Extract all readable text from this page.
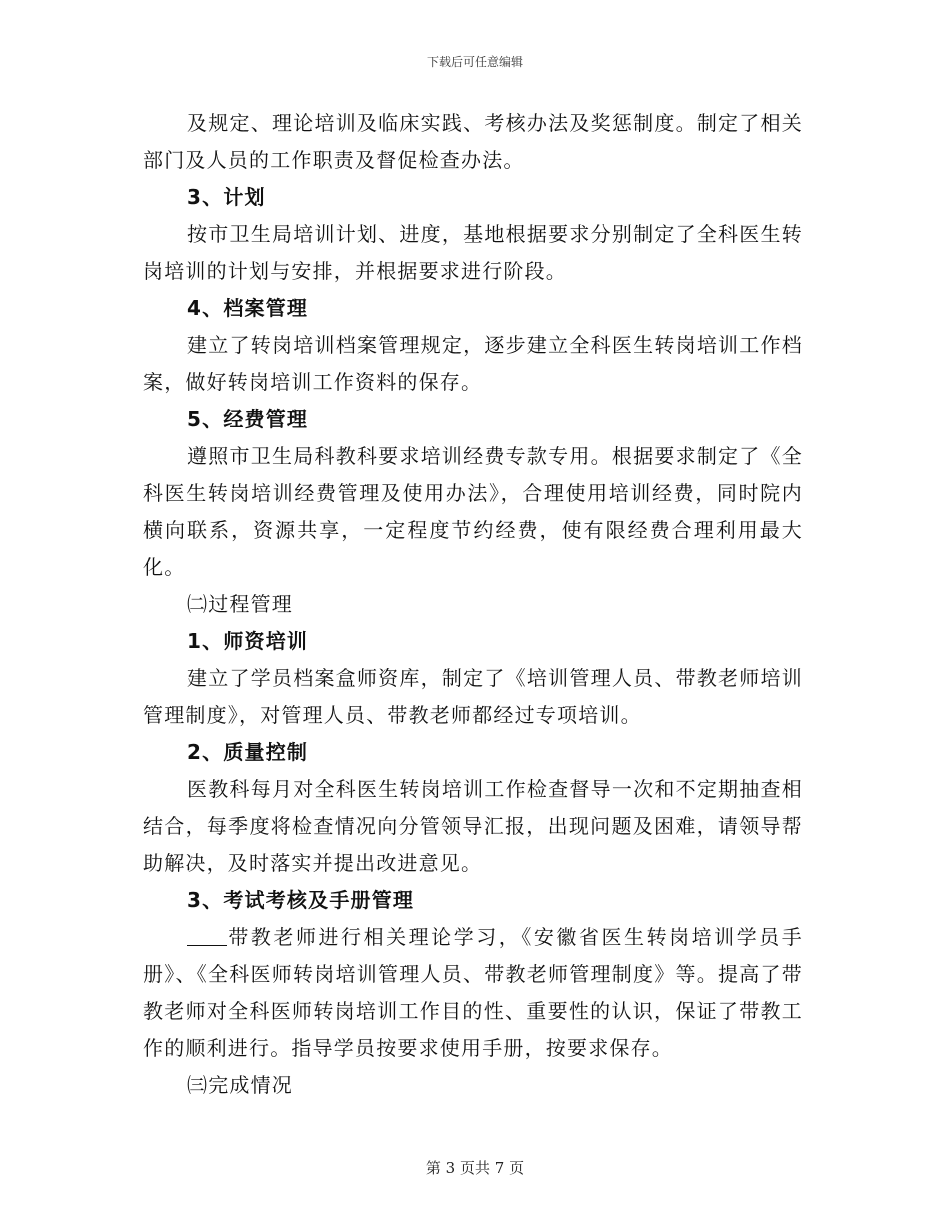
下载后可任意编辑

及规定、理论培训及临床实践、考核办法及奖惩制度。制定了相关部门及人员的工作职责及督促检查办法。

3、计划

按市卫生局培训计划、进度，基地根据要求分别制定了全科医生转岗培训的计划与安排，并根据要求进行阶段。

4、档案管理

建立了转岗培训档案管理规定，逐步建立全科医生转岗培训工作档案，做好转岗培训工作资料的保存。

5、经费管理

遵照市卫生局科教科要求培训经费专款专用。根据要求制定了《全科医生转岗培训经费管理及使用办法》，合理使用培训经费，同时院内横向联系，资源共享，一定程度节约经费，使有限经费合理利用最大化。

㈡过程管理

1、师资培训

建立了学员档案盒师资库，制定了《培训管理人员、带教老师培训管理制度》，对管理人员、带教老师都经过专项培训。

2、质量控制

医教科每月对全科医生转岗培训工作检查督导一次和不定期抽查相结合，每季度将检查情况向分管领导汇报，出现问题及困难，请领导帮助解决，及时落实并提出改进意见。

3、考试考核及手册管理

带教老师进行相关理论学习，《安徽省医生转岗培训学员手册》、《全科医师转岗培训管理人员、带教老师管理制度》等。提高了带教老师对全科医师转岗培训工作目的性、重要性的认识，保证了带教工作的顺利进行。指导学员按要求使用手册，按要求保存。

㈢完成情况

第 3 页共 7 页
